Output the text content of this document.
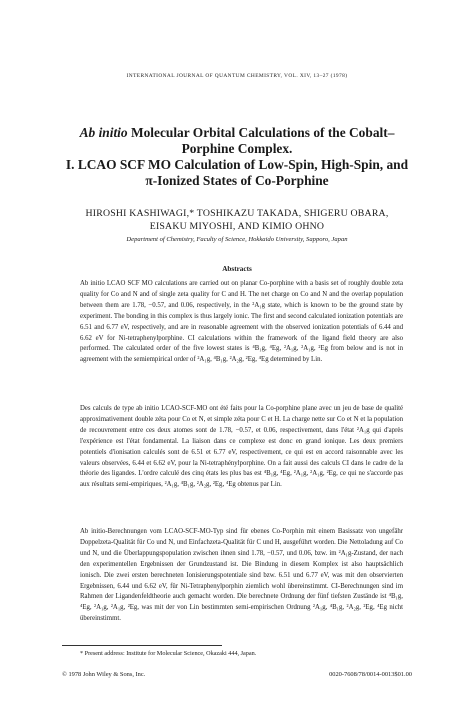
INTERNATIONAL JOURNAL OF QUANTUM CHEMISTRY, VOL. XIV, 13–27 (1978)
Ab initio Molecular Orbital Calculations of the Cobalt–
Porphine Complex.
I. LCAO SCF MO Calculation of Low-Spin, High-Spin, and
π-Ionized States of Co-Porphine
HIROSHI KASHIWAGI,* TOSHIKAZU TAKADA, SHIGERU OBARA,
EISAKU MIYOSHI, AND KIMIO OHNO
Department of Chemistry, Faculty of Science, Hokkaido University, Sapporo, Japan
Abstracts

Ab initio LCAO SCF MO calculations are carried out on planar Co-porphine with a basis set of roughly double zeta quality for Co and N and of single zeta quality for C and H. The net charge on Co and N and the overlap population between them are 1.78, −0.57, and 0.06, respectively, in the ²A₁g state, which is known to be the ground state by experiment. The bonding in this complex is thus largely ionic. The first and second calculated ionization potentials are 6.51 and 6.77 eV, respectively, and are in reasonable agreement with the observed ionization potentials of 6.44 and 6.62 eV for Ni-tetraphenylporphine. CI calculations within the framework of the ligand field theory are also performed. The calculated order of the five lowest states is ⁴B₁g, ⁴Eg, ²A₁g, ²A₁g, ²Eg from below and is not in agreement with the semiempirical order of ²A₁g, ⁴B₁g, ²A₂g, ²Eg, ⁴Eg determined by Lin.

Des calculs de type ab initio LCAO-SCF-MO ont été faits pour la Co-porphine plane avec un jeu de base de qualité approximativement double zéta pour Co et N, et simple zéta pour C et H. La charge nette sur Co et N et la population de recouvrement entre ces deux atomes sont de 1.78, −0.57, et 0.06, respectivement, dans l'état ²A₁g qui d'après l'expérience est l'état fondamental. La liaison dans ce complexe est donc en grand ionique. Les deux premiers potentiels d'ionisation calculés sont de 6.51 et 6.77 eV, respectivement, ce qui est en accord raisonnable avec les valeurs observées, 6.44 et 6.62 eV, pour la Ni-tetraphénylporphine. On a fait aussi des calculs CI dans le cadre de la théorie des ligandes. L'ordre calculé des cinq états les plus bas est ⁴B₁g, ⁴Eg, ²A₁g, ²A₁g, ²Eg, ce qui ne s'accorde pas aux résultats semi-empiriques, ²A₁g, ⁴B₁g, ²A₂g, ²Eg, ⁴Eg obtenus par Lin.

Ab initio-Berechnungen vom LCAO-SCF-MO-Typ sind für ebenes Co-Porphin mit einem Basissatz von ungefähr Doppelzeta-Qualität für Co und N, und Einfachzeta-Qualität für C und H, ausgeführt worden. Die Nettoladung auf Co und N, und die Überlappungspopulation zwischen ihnen sind 1.78, −0.57, und 0.06, bzw. im ²A₁g-Zustand, der nach den experimentellen Ergebnissen der Grundzustand ist. Die Bindung in diesem Komplex ist also hauptsächlich ionisch. Die zwei ersten berechneten Ionisierungspotentiale sind bzw. 6.51 und 6.77 eV, was mit den observierten Ergebnissen, 6.44 und 6.62 eV, für Ni-Tetraphenylporphin ziemlich wohl übereinstimmt. CI-Berechnungen sind im Rahmen der Ligandenfeldtheorie auch gemacht worden. Die berechnete Ordnung der fünf tiefsten Zustände ist ⁴B₁g, ⁴Eg, ²A₁g, ²A₁g, ²Eg, was mit der von Lin bestimmten semi-empirischen Ordnung ²A₁g, ⁴B₁g, ²A₂g, ²Eg, ⁴Eg nicht übereinstimmt.

* Present address: Institute for Molecular Science, Okazaki 444, Japan.
© 1978 John Wiley & Sons, Inc.	0020-7608/78/0014-0013$01.00
